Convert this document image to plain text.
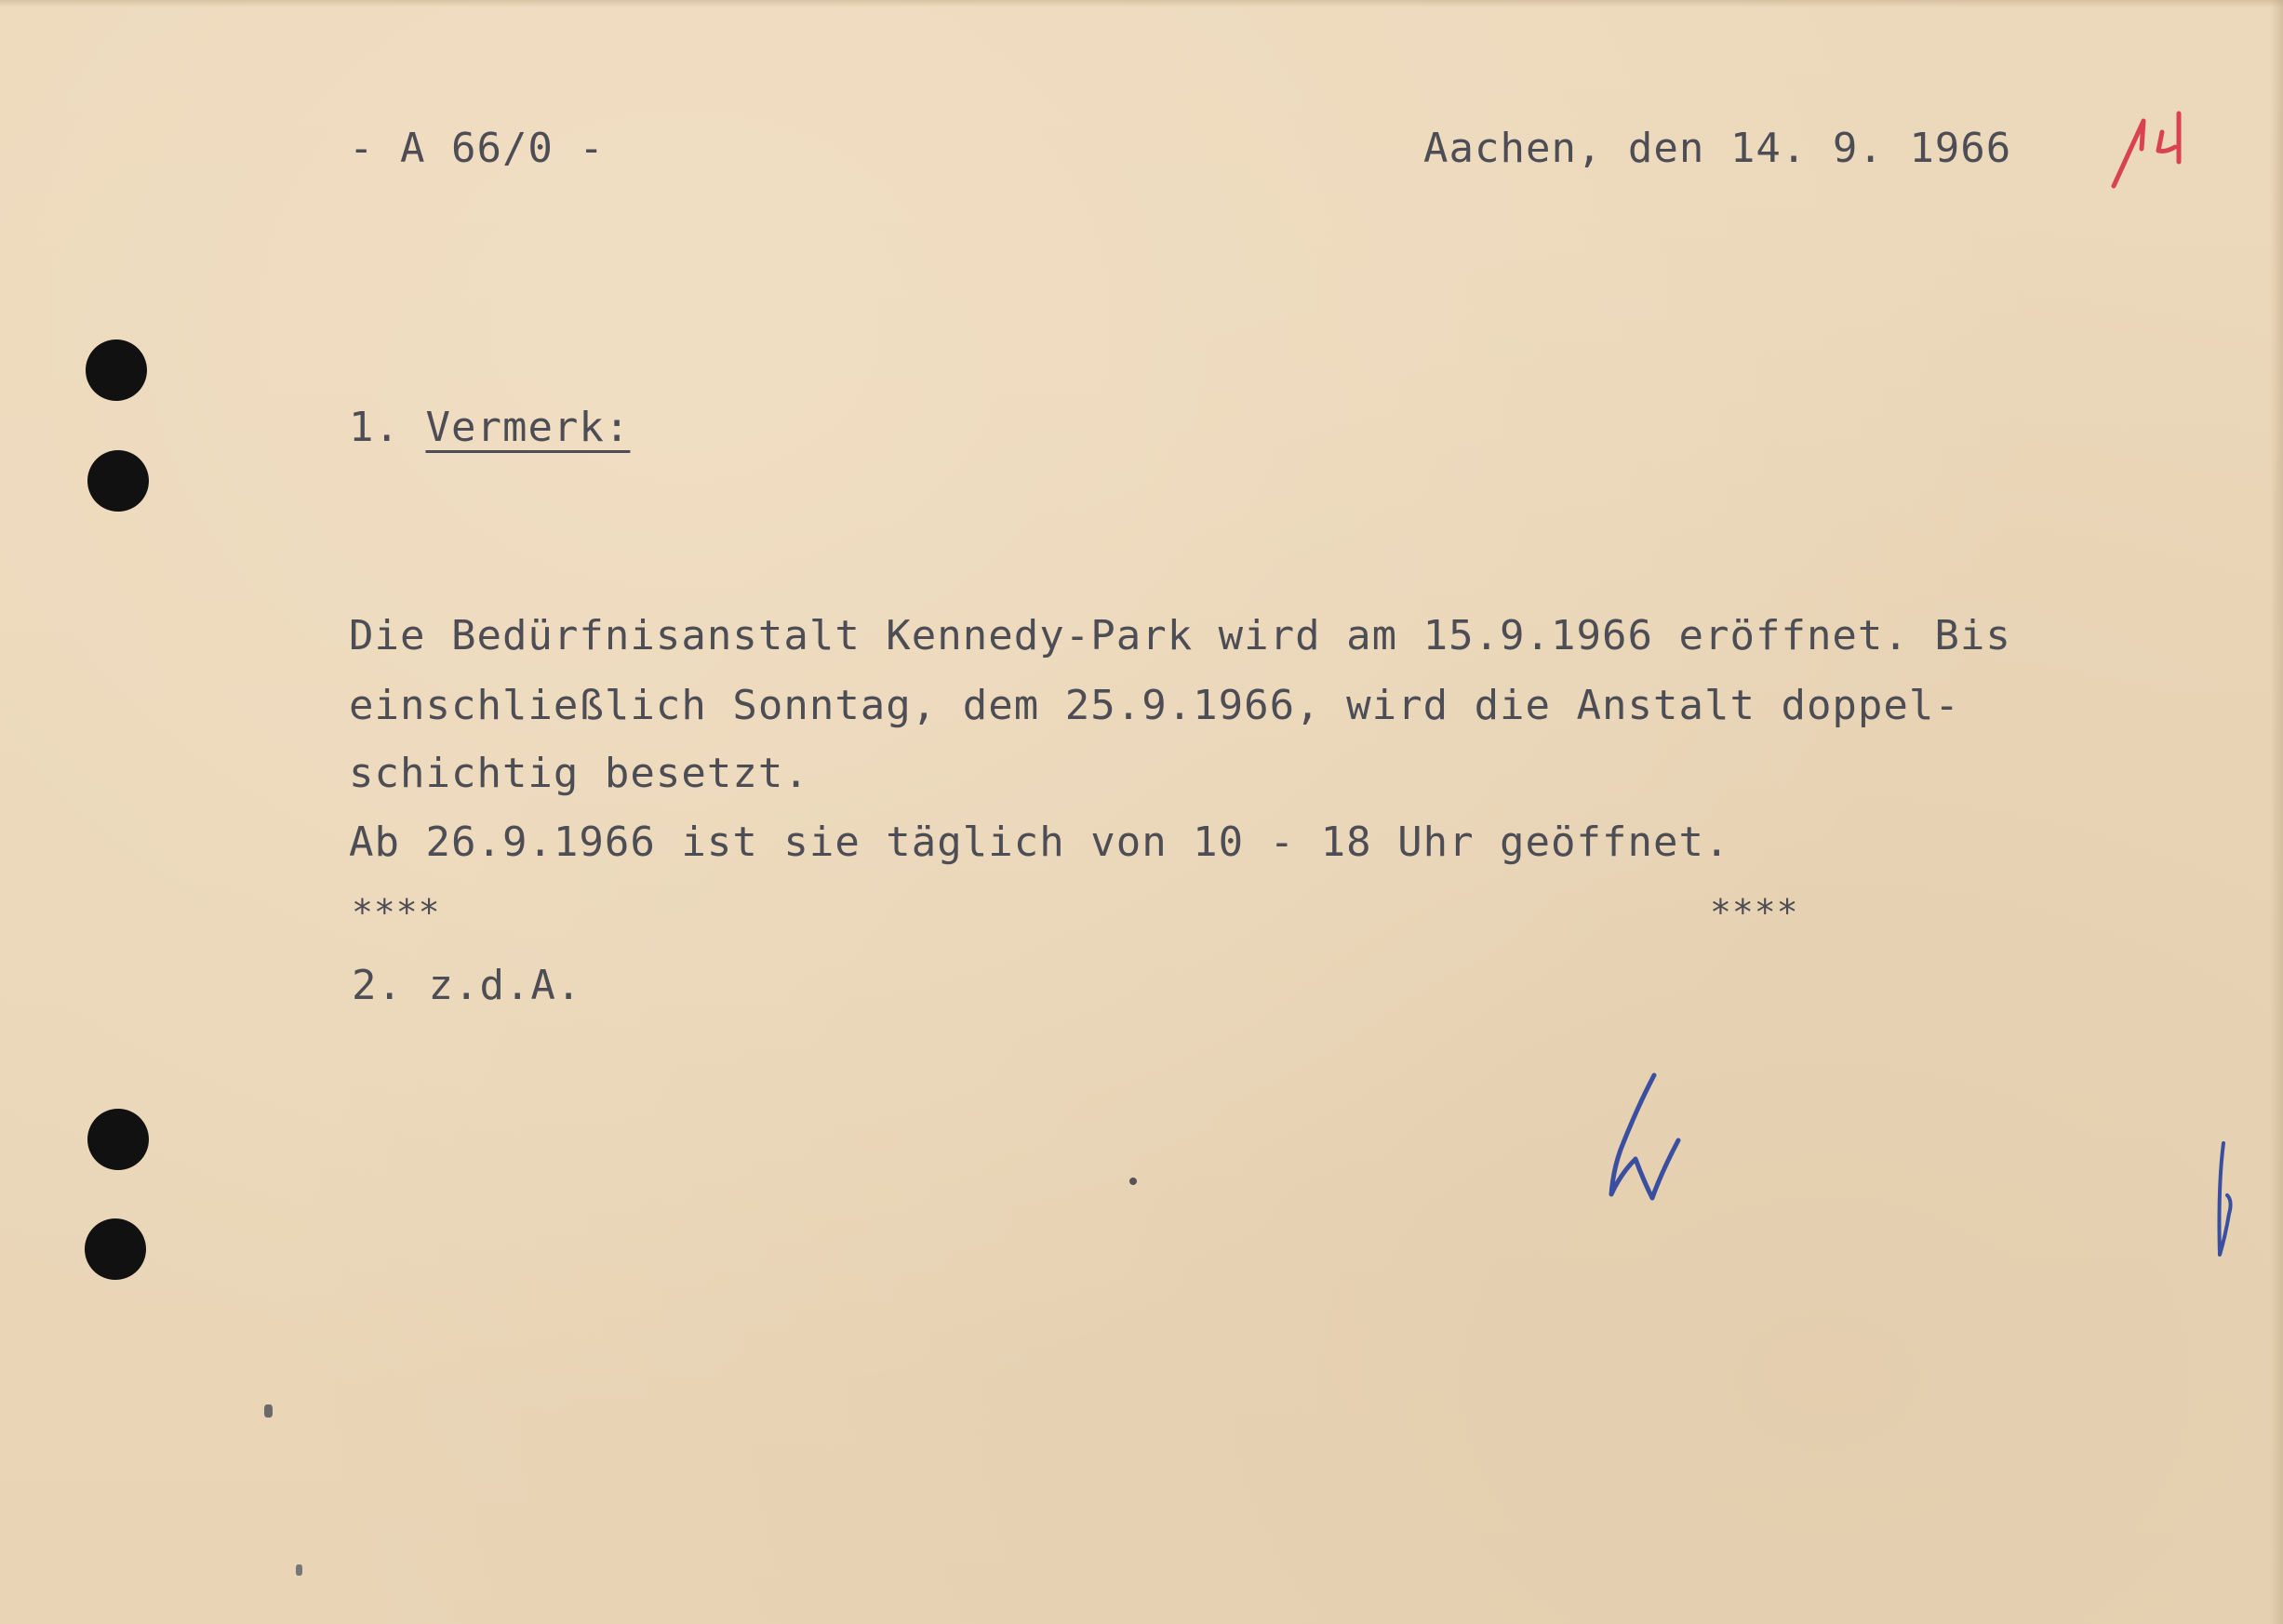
- A 66/0 -	Aachen, den 14. 9. 1966
1. Vermerk:
Die Bedürfnisanstalt Kennedy-Park wird am 15.9.1966 eröffnet. Bis
einschließlich Sonntag, dem 25.9.1966, wird die Anstalt doppel-
schichtig besetzt.
Ab 26.9.1966 ist sie täglich von 10 - 18 Uhr geöffnet.
****	****
2. z.d.A.
